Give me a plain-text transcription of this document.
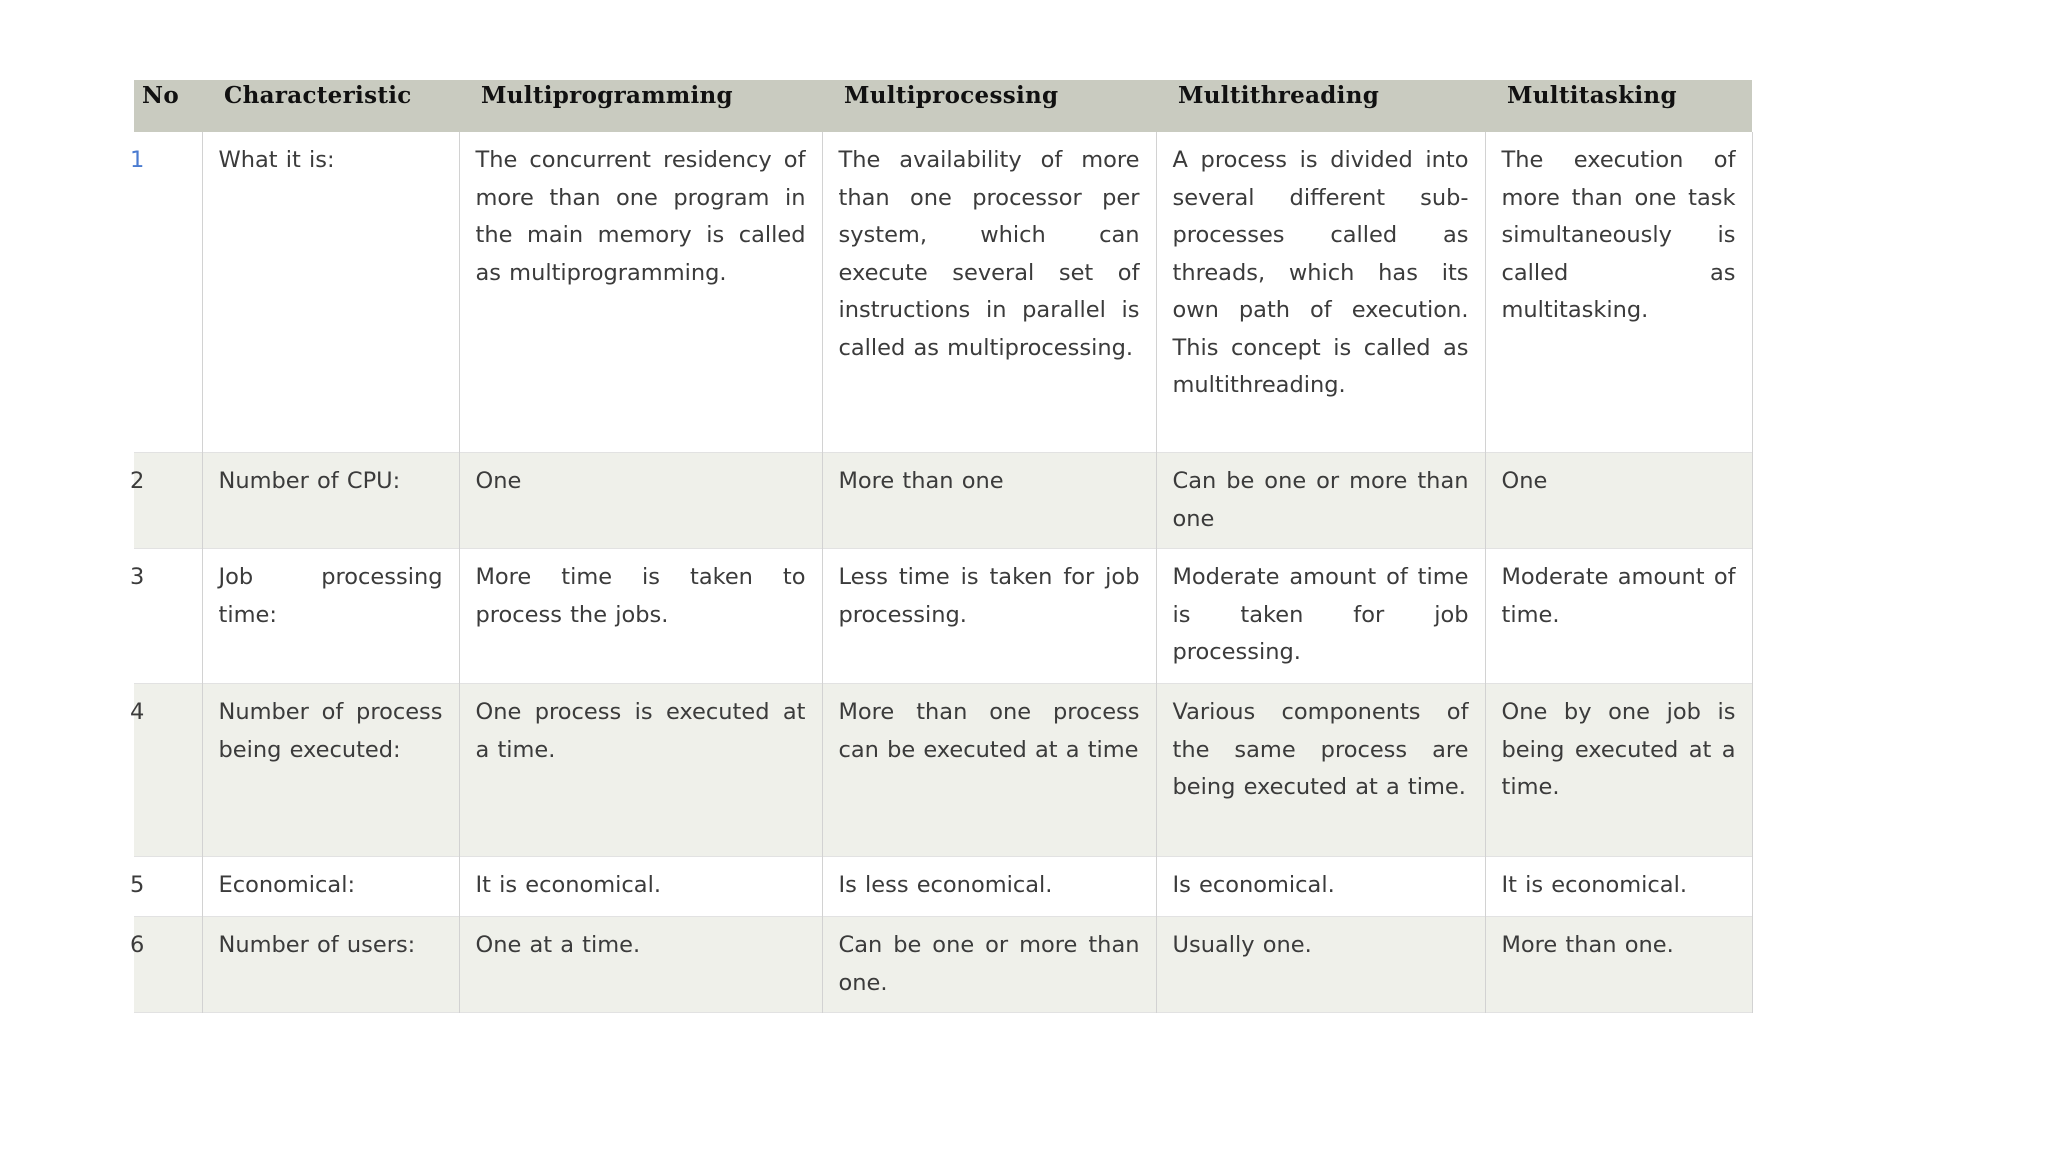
No	Characteristic	Multiprogramming	Multiprocessing	Multithreading	Multitasking
1	What it is:	The concurrent residency of more than one program in the main memory is called as multiprogramming.	The availability of more than one processor per system, which can execute several set of instructions in parallel is called as multiprocessing.	A process is divided into several different sub-processes called as threads, which has its own path of execution. This concept is called as multithreading.	The execution of more than one task simultaneously is called as multitasking.
2	Number of CPU:	One	More than one	Can be one or more than one	One
3	Job processing time:	More time is taken to process the jobs.	Less time is taken for job processing.	Moderate amount of time is taken for job processing.	Moderate amount of time.
4	Number of process being executed:	One process is executed at a time.	More than one process can be executed at a time	Various components of the same process are being executed at a time.	One by one job is being executed at a time.
5	Economical:	It is economical.	Is less economical.	Is economical.	It is economical.
6	Number of users:	One at a time.	Can be one or more than one.	Usually one.	More than one.
